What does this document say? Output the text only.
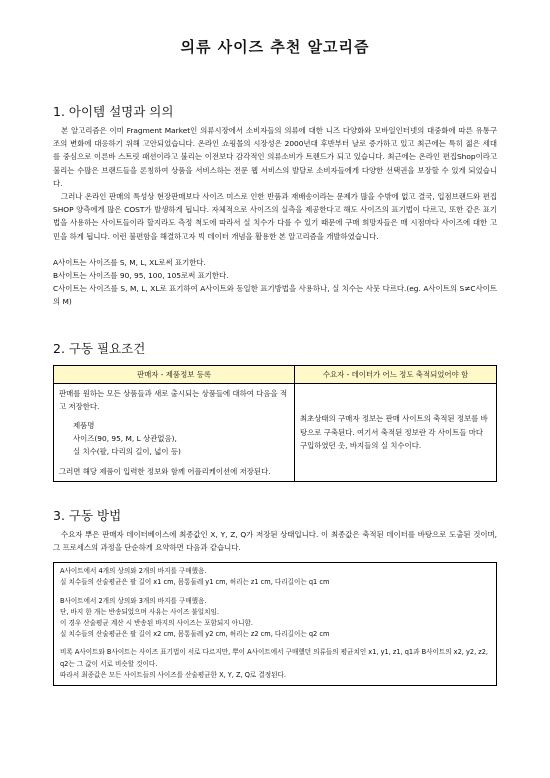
의류 사이즈 추천 알고리즘
1. 아이템 설명과 의의

본 알고리즘은 이미 Fragment Market인 의류시장에서 소비자들의 의류에 대한 니즈 다양화와 모바일인터넷의 대중화에 따른 유통구조의 변화에 대응하기 위해 고안되었습니다. 온라인 쇼핑몰의 시장성은 2000년대 후반부터 날로 증가하고 있고 최근에는 특히 젊은 세대를 중심으로 이른바 스트릿 패션이라고 불리는 이전보다 감각적인 의류소비가 트렌드가 되고 있습니다. 최근에는 온라인 편집Shop이라고 불리는 수많은 브랜드들을 론칭하여 상품을 서비스하는 전문 웹 서비스의 발달로 소비자들에게 다양한 선택권을 보장할 수 있게 되었습니다.

그러나 온라인 판매의 특성상 현장판매보다 사이즈 미스로 인한 반품과 재배송이라는 문제가 많을 수밖에 없고 결국, 입점브랜드와 편집SHOP 양측에게 많은 COST가 발생하게 됩니다. 자체적으로 사이즈의 실측을 제공한다고 해도 사이즈의 표기법이 다르고, 또한 같은 표기법을 사용하는 사이트들이라 할지라도 측정 척도에 따라서 실 치수가 다를 수 있기 때문에 구매 희망자들은 매 시점마다 사이즈에 대한 고민을 하게 됩니다. 이런 불편함을 해결하고자 빅 데이터 개념을 활용한 본 알고리즘을 개발하였습니다.

A사이트는 사이즈를 S, M, L, XL로써 표기한다.

B사이트는 사이즈를 90, 95, 100, 105로써 표기한다.

C사이트는 사이즈를 S, M, L, XL로 표기하여 A사이트와 동일한 표기방법을 사용하나, 실 치수는 사뭇 다르다.(eg. A사이트의 S≠C사이트의 M)

2. 구동 필요조건
판매자 - 제품정보 등록	수요자 - 데이터가 어느 정도 축적되었어야 함

판매를 원하는 모든 상품들과 새로 출시되는 상품들에 대하여 다음을 적고 저장한다.
제품명
사이즈(90, 95, M, L 상관없음),
실 치수(팔, 다리의 길이, 넓이 등)
그러면 해당 제품이 입력한 정보와 함께 어플리케이션에 저장된다.	최초상태의 구매자 정보는 판매 사이트의 축적된 정보를 바탕으로 구축된다. 여기서 축적된 정보란 각 사이트들 마다 구입하였던 옷, 바지들의 실 치수이다.
3. 구동 방법
수요자 뿌은 판매자 데이터베이스에 최종값인 X, Y, Z, Q가 저장된 상태입니다. 이 최종값은 축적된 데이터를 바탕으로 도출된 것이며, 그 프로세스의 과정을 단순하게 요약하면 다음과 같습니다.

A사이트에서 4개의 상의와 2개의 바지를 구매했음.

실 치수들의 산술평균은 팔 길이 x1 cm, 몸통둘레 y1 cm, 허리는 z1 cm, 다리길이는 q1 cm

B사이트에서 2개의 상의와 3개의 바지를 구매했음.

단, 바지 한 개는 반송되었으며 사유는 사이즈 불일치임.

이 경우 산술평균 계산 시 반송된 바지의 사이즈는 포함되지 아니함.

실 치수들의 산술평균은 팔 길이 x2 cm, 몸통둘레 y2 cm, 허리는 z2 cm, 다리길이는 q2 cm

비록 A사이트와 B사이트는 사이즈 표기법이 서로 다르지만, 뿌이 A사이트에서 구매했던 의류들의 평균치인 x1, y1, z1, q1과 B사이트의 x2, y2, z2, q2는 그 값이 서로 비슷할 것이다.

따라서 최종값은 모든 사이트들의 사이즈를 산술평균한 X, Y, Z, Q로 결정된다.
